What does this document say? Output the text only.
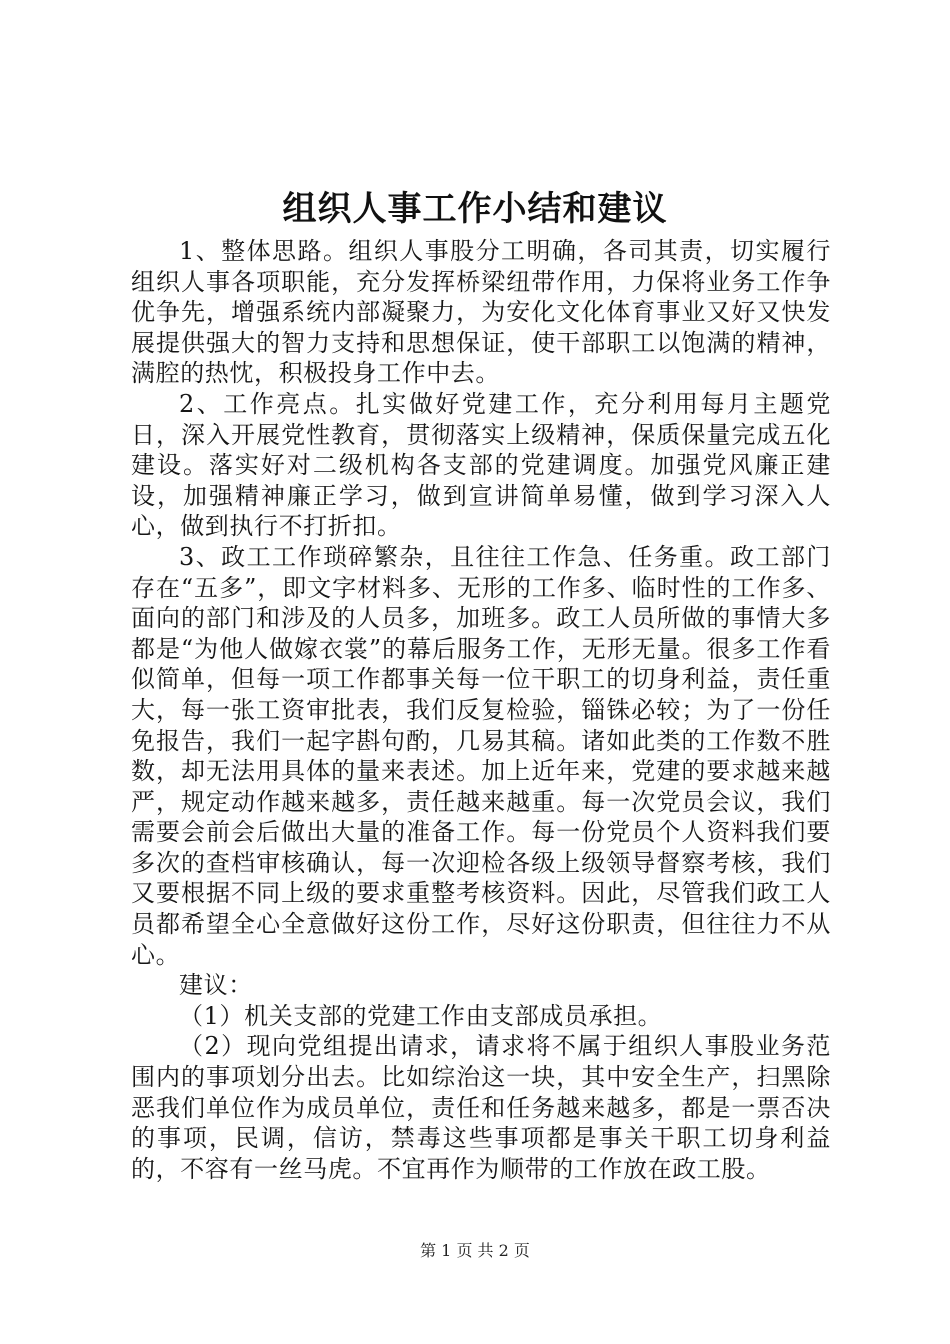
组织人事工作小结和建议

1、整体思路。组织人事股分工明确，各司其责，切实履行组织人事各项职能，充分发挥桥梁纽带作用，力保将业务工作争优争先，增强系统内部凝聚力，为安化文化体育事业又好又快发展提供强大的智力支持和思想保证，使干部职工以饱满的精神，满腔的热忱，积极投身工作中去。

2、工作亮点。扎实做好党建工作，充分利用每月主题党日，深入开展党性教育，贯彻落实上级精神，保质保量完成五化建设。落实好对二级机构各支部的党建调度。加强党风廉正建设，加强精神廉正学习，做到宣讲简单易懂，做到学习深入人心，做到执行不打折扣。

3、政工工作琐碎繁杂，且往往工作急、任务重。政工部门存在“五多”，即文字材料多、无形的工作多、临时性的工作多、面向的部门和涉及的人员多，加班多。政工人员所做的事情大多都是“为他人做嫁衣裳”的幕后服务工作，无形无量。很多工作看似简单，但每一项工作都事关每一位干职工的切身利益，责任重大，每一张工资审批表，我们反复检验，锱铢必较；为了一份任免报告，我们一起字斟句酌，几易其稿。诸如此类的工作数不胜数，却无法用具体的量来表述。加上近年来，党建的要求越来越严，规定动作越来越多，责任越来越重。每一次党员会议，我们需要会前会后做出大量的准备工作。每一份党员个人资料我们要多次的查档审核确认，每一次迎检各级上级领导督察考核，我们又要根据不同上级的要求重整考核资料。因此，尽管我们政工人员都希望全心全意做好这份工作，尽好这份职责，但往往力不从心。

建议：

（1）机关支部的党建工作由支部成员承担。

（2）现向党组提出请求，请求将不属于组织人事股业务范围内的事项划分出去。比如综治这一块，其中安全生产，扫黑除恶我们单位作为成员单位，责任和任务越来越多，都是一票否决的事项，民调，信访，禁毒这些事项都是事关干职工切身利益的，不容有一丝马虎。不宜再作为顺带的工作放在政工股。

第 1 页 共 2 页
